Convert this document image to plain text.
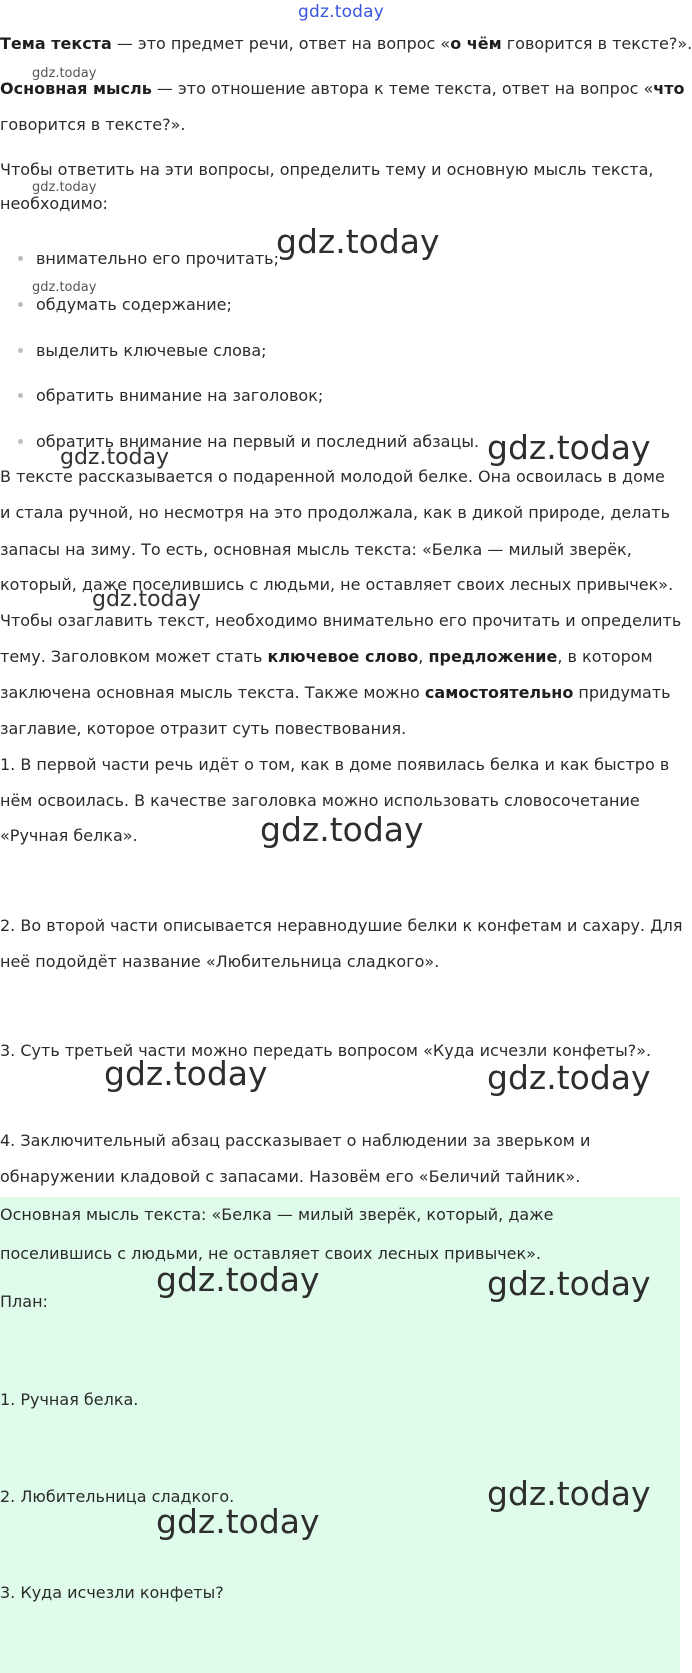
gdz.today
Тема текста — это предмет речи, ответ на вопрос «о чём говорится в тексте?».
gdz.today
Основная мысль — это отношение автора к теме текста, ответ на вопрос «что
говорится в тексте?».
Чтобы ответить на эти вопросы, определить тему и основную мысль текста,
gdz.today
необходимо:
gdz.today
внимательно его прочитать;
gdz.today
обдумать содержание;
выделить ключевые слова;
обратить внимание на заголовок;
обратить внимание на первый и последний абзацы. gdz.today
gdz.today
В тексте рассказывается о подаренной молодой белке. Она освоилась в доме
и стала ручной, но несмотря на это продолжала, как в дикой природе, делать
запасы на зиму. То есть, основная мысль текста: «Белка — милый зверёк,
gdz.today
который, даже поселившись с людьми, не оставляет своих лесных привычек».
Чтобы озаглавить текст, необходимо внимательно его прочитать и определить
тему. Заголовком может стать ключевое слово, предложение, в котором
заключена основная мысль текста. Также можно самостоятельно придумать
заглавие, которое отразит суть повествования.
1. В первой части речь идёт о том, как в доме появилась белка и как быстро в
нём освоилась. В качестве заголовка можно использовать словосочетание
«Ручная белка».	gdz.today
2. Во второй части описывается неравнодушие белки к конфетам и сахару. Для
неё подойдёт название «Любительница сладкого».
3. Суть третьей части можно передать вопросом «Куда исчезли конфеты?».
gdz.today	gdz.today
4. Заключительный абзац рассказывает о наблюдении за зверьком и
обнаружении кладовой с запасами. Назовём его «Беличий тайник».
Основная мысль текста: «Белка — милый зверёк, который, даже
поселившись с людьми, не оставляет своих лесных привычек».
gdz.today	gdz.today
План:
1. Ручная белка.
gdz.today
2. Любительница сладкого.
gdz.today
3. Куда исчезли конфеты?
